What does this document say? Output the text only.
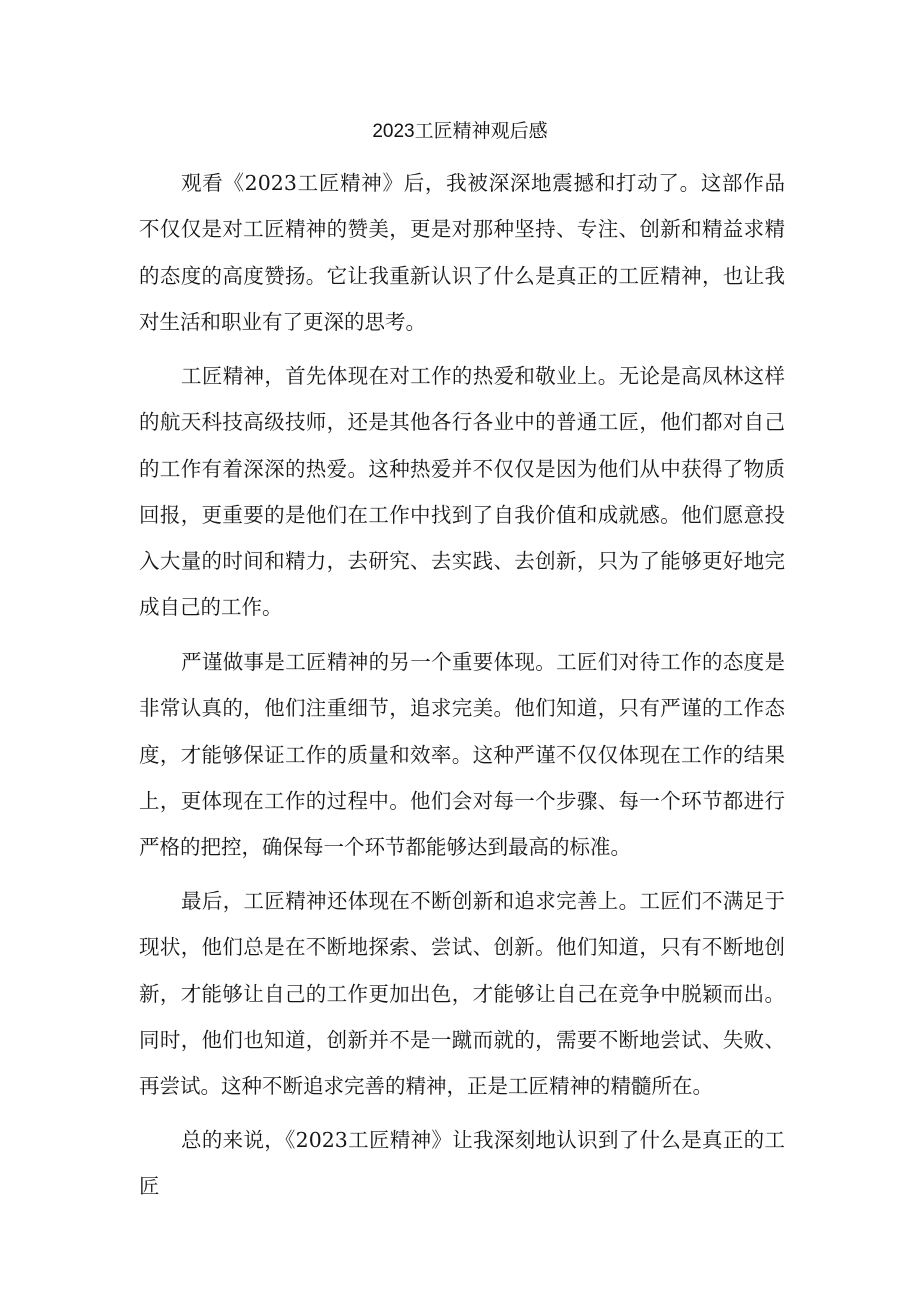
2023工匠精神观后感

观看《2023工匠精神》后，我被深深地震撼和打动了。这部作品不仅仅是对工匠精神的赞美，更是对那种坚持、专注、创新和精益求精的态度的高度赞扬。它让我重新认识了什么是真正的工匠精神，也让我对生活和职业有了更深的思考。

工匠精神，首先体现在对工作的热爱和敬业上。无论是高凤林这样的航天科技高级技师，还是其他各行各业中的普通工匠，他们都对自己的工作有着深深的热爱。这种热爱并不仅仅是因为他们从中获得了物质回报，更重要的是他们在工作中找到了自我价值和成就感。他们愿意投入大量的时间和精力，去研究、去实践、去创新，只为了能够更好地完成自己的工作。

严谨做事是工匠精神的另一个重要体现。工匠们对待工作的态度是非常认真的，他们注重细节，追求完美。他们知道，只有严谨的工作态度，才能够保证工作的质量和效率。这种严谨不仅仅体现在工作的结果上，更体现在工作的过程中。他们会对每一个步骤、每一个环节都进行严格的把控，确保每一个环节都能够达到最高的标准。

最后，工匠精神还体现在不断创新和追求完善上。工匠们不满足于现状，他们总是在不断地探索、尝试、创新。他们知道，只有不断地创新，才能够让自己的工作更加出色，才能够让自己在竞争中脱颖而出。同时，他们也知道，创新并不是一蹴而就的，需要不断地尝试、失败、再尝试。这种不断追求完善的精神，正是工匠精神的精髓所在。

总的来说，《2023工匠精神》让我深刻地认识到了什么是真正的工匠
